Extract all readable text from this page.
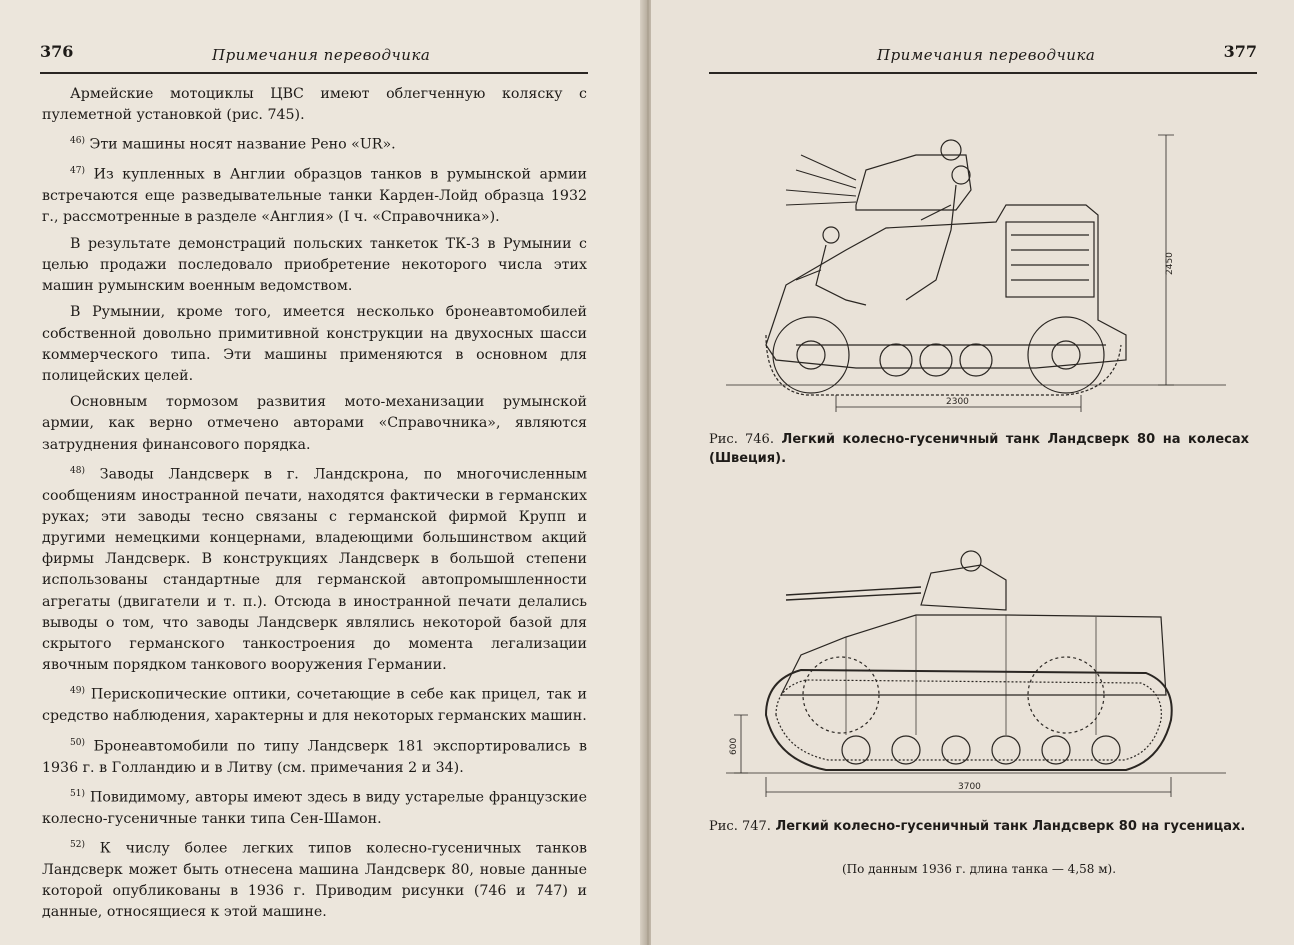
376	Примечания переводчика

Армейские мотоциклы ЦВС имеют облегченную коляску с пулеметной установкой (рис. 745).

$^{46)}$ Эти машины носят название Рено «UR».

$^{47)}$ Из купленных в Англии образцов танков в румынской армии встречаются еще разведывательные танки Карден-Лойд образца 1932 г., рассмотренные в разделе «Англия» (I ч. «Справочника»).

В результате демонстраций польских танкеток ТК-3 в Румынии с целью продажи последовало приобретение некоторого числа этих машин румынским военным ведомством.

В Румынии, кроме того, имеется несколько бронеавтомобилей собственной довольно примитивной конструкции на двухосных шасси коммерческого типа. Эти машины применяются в основном для полицейских целей.

Основным тормозом развития мото-механизации румынской армии, как верно отмечено авторами «Справочника», являются затруднения финансового порядка.

$^{48)}$ Заводы Ландсверк в г. Ландскрона, по многочисленным сообщениям иностранной печати, находятся фактически в германских руках; эти заводы тесно связаны с германской фирмой Крупп и другими немецкими концернами, владеющими большинством акций фирмы Ландсверк. В конструкциях Ландсверк в большой степени использованы стандартные для германской автопромышленности агрегаты (двигатели и т. п.). Отсюда в иностранной печати делались выводы о том, что заводы Ландсверк являлись некоторой базой для скрытого германского танкостроения до момента легализации явочным порядком танкового вооружения Германии.

$^{49)}$ Перископические оптики, сочетающие в себе как прицел, так и средство наблюдения, характерны и для некоторых германских машин.

$^{50)}$ Бронеавтомобили по типу Ландсверк 181 экспортировались в 1936 г. в Голландию и в Литву (см. примечания 2 и 34).

$^{51)}$ Повидимому, авторы имеют здесь в виду устарелые французские колесно-гусеничные танки типа Сен-Шамон.

$^{52)}$ К числу более легких типов колесно-гусеничных танков Ландсверк может быть отнесена машина Ландсверк 80, новые данные которой опубликованы в 1936 г. Приводим рисунки (746 и 747) и данные, относящиеся к этой машине.

Примечания переводчика	377
2450
2300
Рис. 746. Легкий колесно-гусеничный танк Ландсверк 80 на колесах (Швеция).
600
3700
Рис. 747. Легкий колесно-гусеничный танк Ландсверк 80 на гусеницах.
(По данным 1936 г. длина танка — 4,58 м).
